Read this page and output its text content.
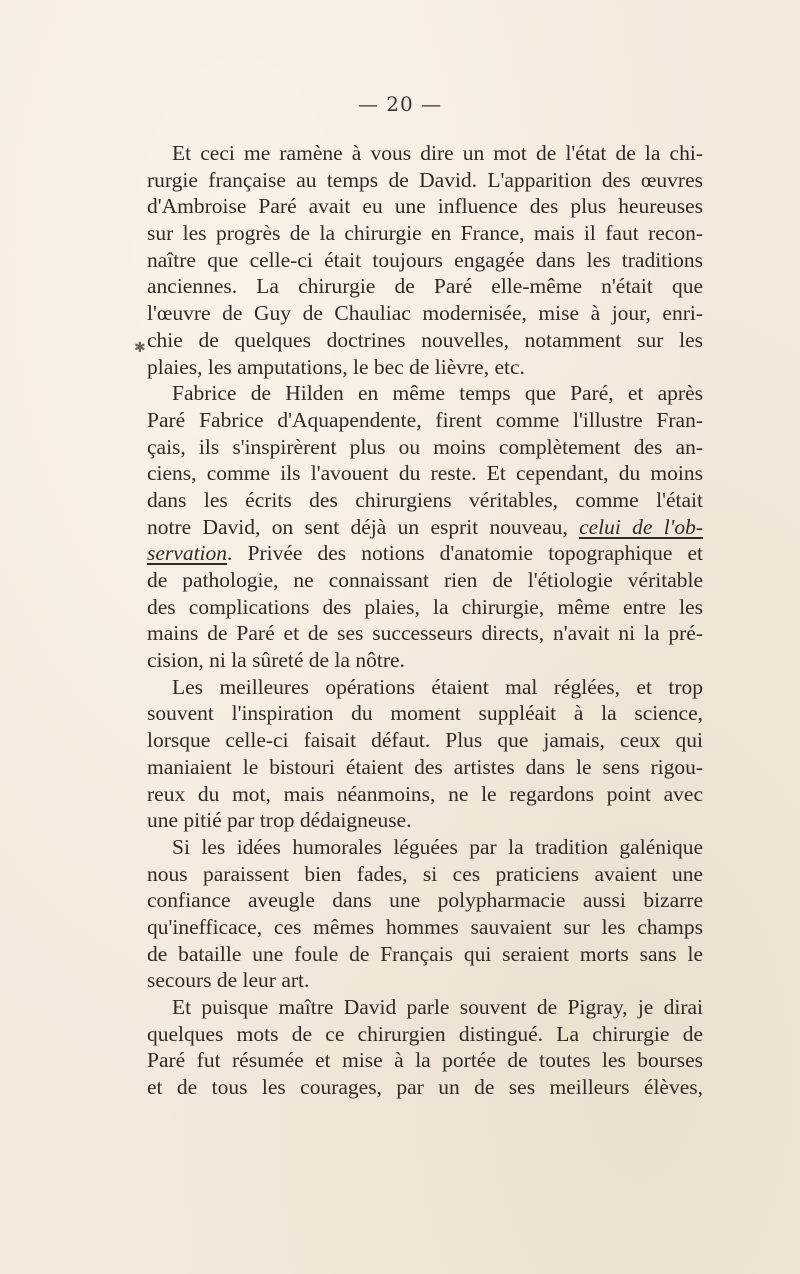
— 20 —
✱
Et ceci me ramène à vous dire un mot de l'état de la chi-
rurgie française au temps de David. L'apparition des œuvres
d'Ambroise Paré avait eu une influence des plus heureuses
sur les progrès de la chirurgie en France, mais il faut recon-
naître que celle-ci était toujours engagée dans les traditions
anciennes. La chirurgie de Paré elle-même n'était que
l'œuvre de Guy de Chauliac modernisée, mise à jour, enri-
chie de quelques doctrines nouvelles, notamment sur les
plaies, les amputations, le bec de lièvre, etc.
Fabrice de Hilden en même temps que Paré, et après
Paré Fabrice d'Aquapendente, firent comme l'illustre Fran-
çais, ils s'inspirèrent plus ou moins complètement des an-
ciens, comme ils l'avouent du reste. Et cependant, du moins
dans les écrits des chirurgiens véritables, comme l'était
notre David, on sent déjà un esprit nouveau, celui de l'ob-
servation. Privée des notions d'anatomie topographique et
de pathologie, ne connaissant rien de l'étiologie véritable
des complications des plaies, la chirurgie, même entre les
mains de Paré et de ses successeurs directs, n'avait ni la pré-
cision, ni la sûreté de la nôtre.
Les meilleures opérations étaient mal réglées, et trop
souvent l'inspiration du moment suppléait à la science,
lorsque celle-ci faisait défaut. Plus que jamais, ceux qui
maniaient le bistouri étaient des artistes dans le sens rigou-
reux du mot, mais néanmoins, ne le regardons point avec
une pitié par trop dédaigneuse.
Si les idées humorales léguées par la tradition galénique
nous paraissent bien fades, si ces praticiens avaient une
confiance aveugle dans une polypharmacie aussi bizarre
qu'inefficace, ces mêmes hommes sauvaient sur les champs
de bataille une foule de Français qui seraient morts sans le
secours de leur art.
Et puisque maître David parle souvent de Pigray, je dirai
quelques mots de ce chirurgien distingué. La chirurgie de
Paré fut résumée et mise à la portée de toutes les bourses
et de tous les courages, par un de ses meilleurs élèves,
